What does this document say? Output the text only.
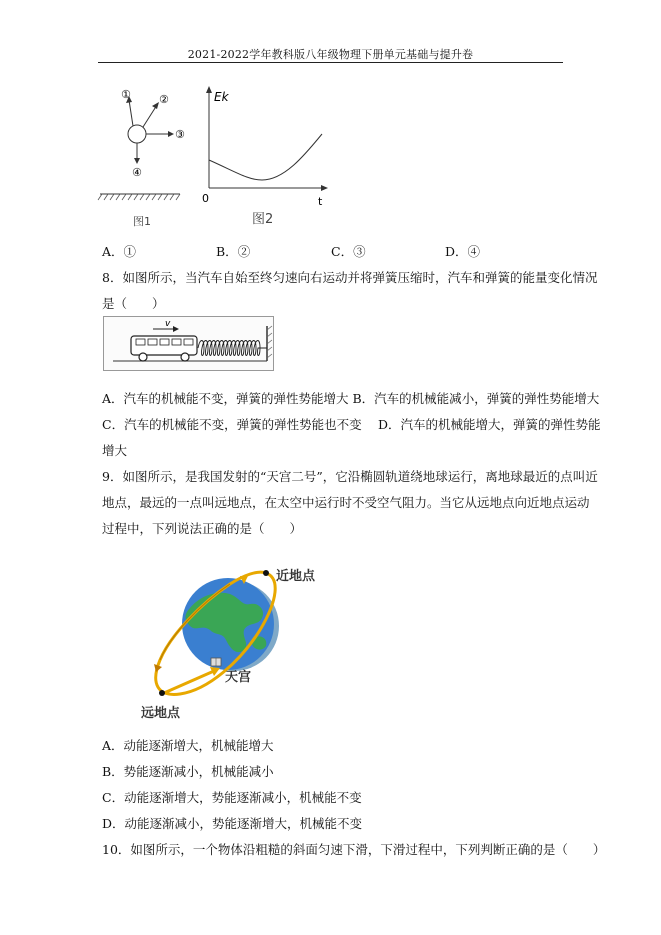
2021-2022学年教科版八年级物理下册单元基础与提升卷
①	②
③
④
图1
Ek
0	t
图2
A．①	B．②	C．③	D．④
8．如图所示，当汽车自始至终匀速向右运动并将弹簧压缩时，汽车和弹簧的能量变化情况
是（　　）
v
A．汽车的机械能不变，弹簧的弹性势能增大 B．汽车的机械能减小，弹簧的弹性势能增大
C．汽车的机械能不变，弹簧的弹性势能也不变　 D．汽车的机械能增大，弹簧的弹性势能
增大
9．如图所示，是我国发射的“天宫二号”，它沿椭圆轨道绕地球运行，离地球最近的点叫近
地点，最远的一点叫远地点，在太空中运行时不受空气阻力。当它从远地点向近地点运动
过程中，下列说法正确的是（　　）
近地点
天宫
远地点
A．动能逐渐增大，机械能增大
B．势能逐渐减小，机械能减小
C．动能逐渐增大，势能逐渐减小，机械能不变
D．动能逐渐减小，势能逐渐增大，机械能不变
10．如图所示，一个物体沿粗糙的斜面匀速下滑，下滑过程中，下列判断正确的是（　　）
